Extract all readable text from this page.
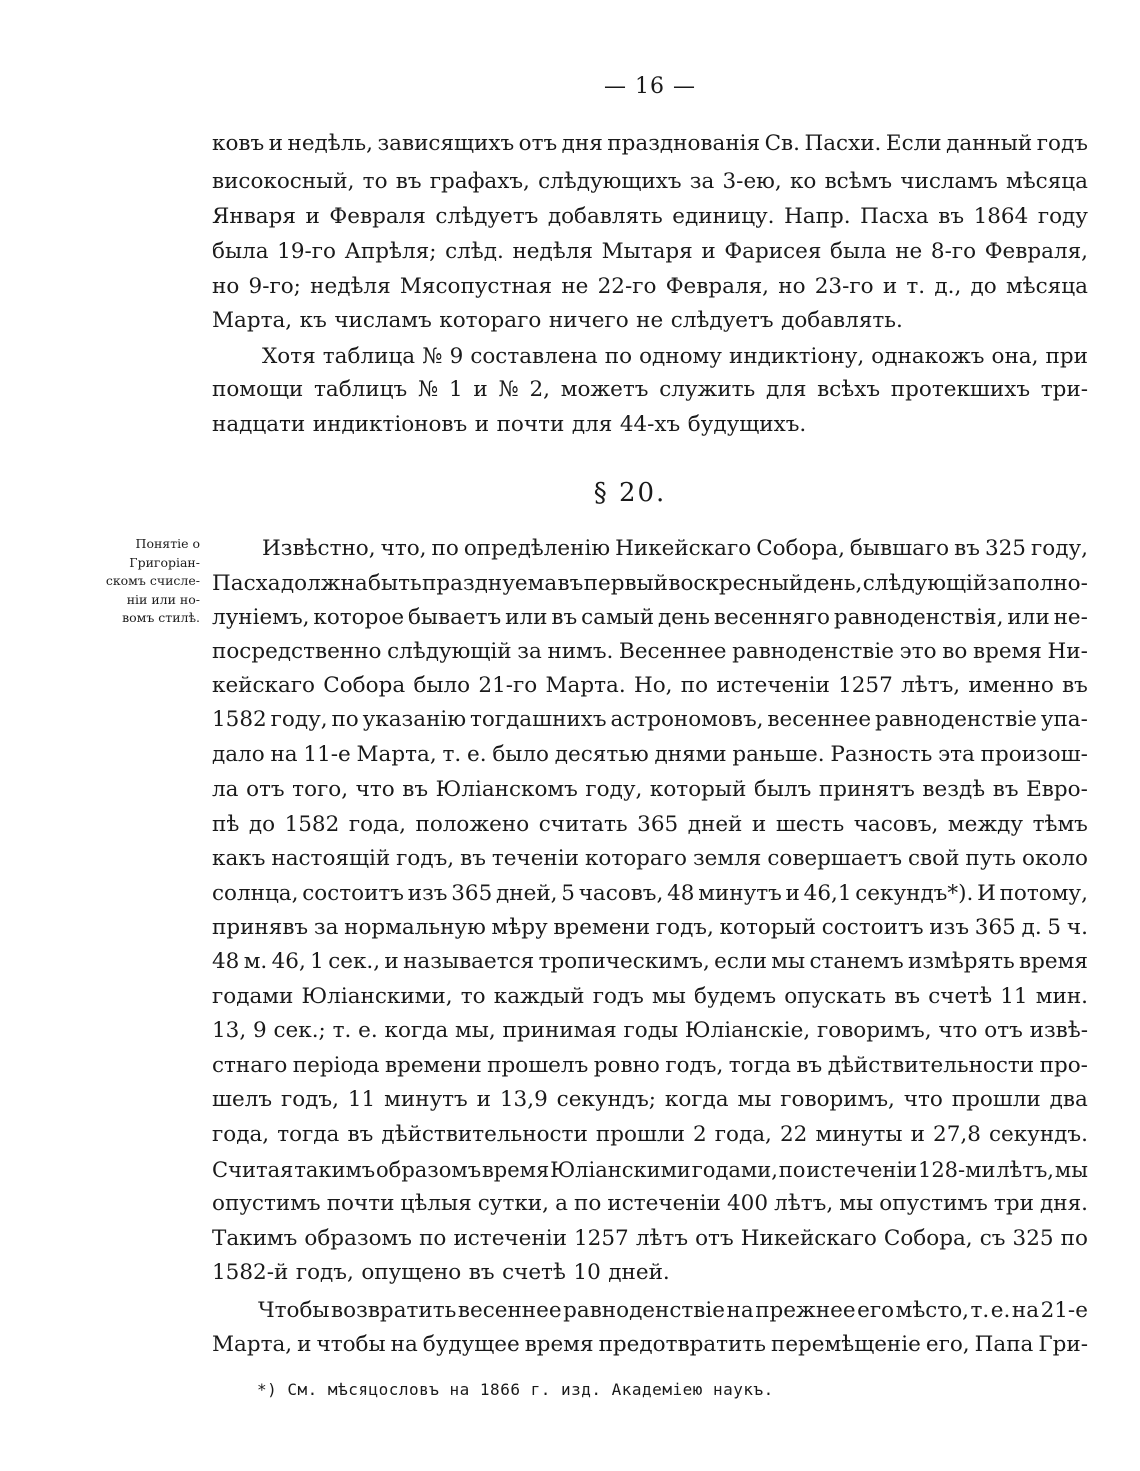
— 16 —
ковъ и недѣль, зависящихъ отъ дня празднованія Св. Пасхи. Если данный годъ
високосный, то въ графахъ, слѣдующихъ за 3-ею, ко всѣмъ числамъ мѣсяца
Января и Февраля слѣдуетъ добавлять единицу. Напр. Пасха въ 1864 году
была 19-го Апрѣля; слѣд. недѣля Мытаря и Фарисея была не 8-го Февраля,
но 9-го; недѣля Мясопустная не 22-го Февраля, но 23-го и т. д., до мѣсяца
Марта, къ числамъ котораго ничего не слѣдуетъ добавлять.
Хотя таблица № 9 составлена по одному индиктіону, однакожъ она, при
помощи таблицъ № 1 и № 2, можетъ служить для всѣхъ протекшихъ три-
надцати индиктіоновъ и почти для 44-хъ будущихъ.
§ 20.
Понятіе о
Григоріан-
скомъ счисле-
ніи или но-
вомъ стилѣ.
Извѣстно, что, по опредѣленію Никейскаго Собора, бывшаго въ 325 году,
Пасха должна быть празднуема въ первый воскресный день, слѣдующій за полно-
луніемъ, которое бываетъ или въ самый день весенняго равноденствія, или не-
посредственно слѣдующій за нимъ. Весеннее равноденствіе это во время Ни-
кейскаго Собора было 21-го Марта. Но, по истеченіи 1257 лѣтъ, именно въ
1582 году, по указанію тогдашнихъ астрономовъ, весеннее равноденствіе упа-
дало на 11-е Марта, т. е. было десятью днями раньше. Разность эта произош-
ла отъ того, что въ Юліанскомъ году, который былъ принятъ вездѣ въ Евро-
пѣ до 1582 года, положено считать 365 дней и шесть часовъ, между тѣмъ
какъ настоящій годъ, въ теченіи котораго земля совершаетъ свой путь около
солнца, состоитъ изъ 365 дней, 5 часовъ, 48 минутъ и 46,1 секундъ*). И потому,
принявъ за нормальную мѣру времени годъ, который состоитъ изъ 365 д. 5 ч.
48 м. 46, 1 сек., и называется тропическимъ, если мы станемъ измѣрять время
годами Юліанскими, то каждый годъ мы будемъ опускать въ счетѣ 11 мин.
13, 9 сек.; т. е. когда мы, принимая годы Юліанскіе, говоримъ, что отъ извѣ-
стнаго періода времени прошелъ ровно годъ, тогда въ дѣйствительности про-
шелъ годъ, 11 минутъ и 13,9 секундъ; когда мы говоримъ, что прошли два
года, тогда въ дѣйствительности прошли 2 года, 22 минуты и 27,8 секундъ.
Считая такимъ образомъ время Юліанскими годами, по истеченіи 128-ми лѣтъ, мы
опустимъ почти цѣлыя сутки, а по истеченіи 400 лѣтъ, мы опустимъ три дня.
Такимъ образомъ по истеченіи 1257 лѣтъ отъ Никейскаго Собора, съ 325 по
1582-й годъ, опущено въ счетѣ 10 дней.
Чтобы возвратить весеннее равноденствіе на прежнее его мѣсто, т. е. на 21-е
Марта, и чтобы на будущее время предотвратить перемѣщеніе его, Папа Гри-
*) См. мѣсяцословъ на 1866 г. изд. Академіею наукъ.
